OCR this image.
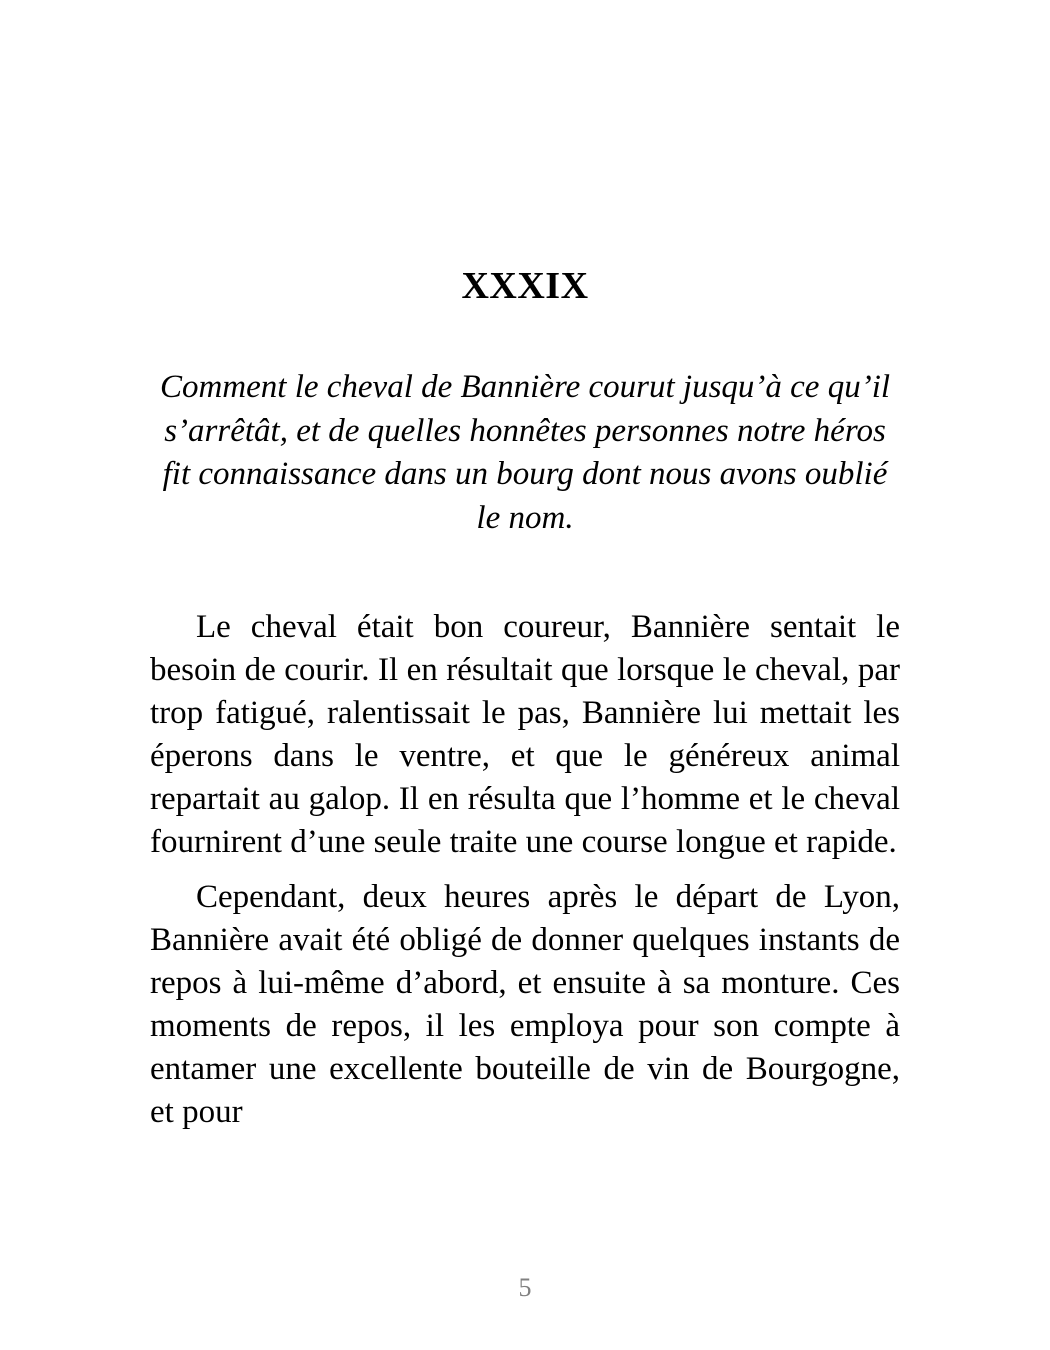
XXXIX

Comment le cheval de Bannière courut jusqu’à ce qu’il s’arrêtât, et de quelles honnêtes personnes notre héros fit connaissance dans un bourg dont nous avons oublié le nom.

Le cheval était bon coureur, Bannière sentait le besoin de courir. Il en résultait que lorsque le cheval, par trop fatigué, ralentissait le pas, Bannière lui mettait les éperons dans le ventre, et que le généreux animal repartait au galop. Il en résulta que l’homme et le cheval fournirent d’une seule traite une course longue et rapide.

Cependant, deux heures après le départ de Lyon, Bannière avait été obligé de donner quelques instants de repos à lui-même d’abord, et ensuite à sa monture. Ces moments de repos, il les employa pour son compte à entamer une excellente bouteille de vin de Bourgogne, et pour

5
